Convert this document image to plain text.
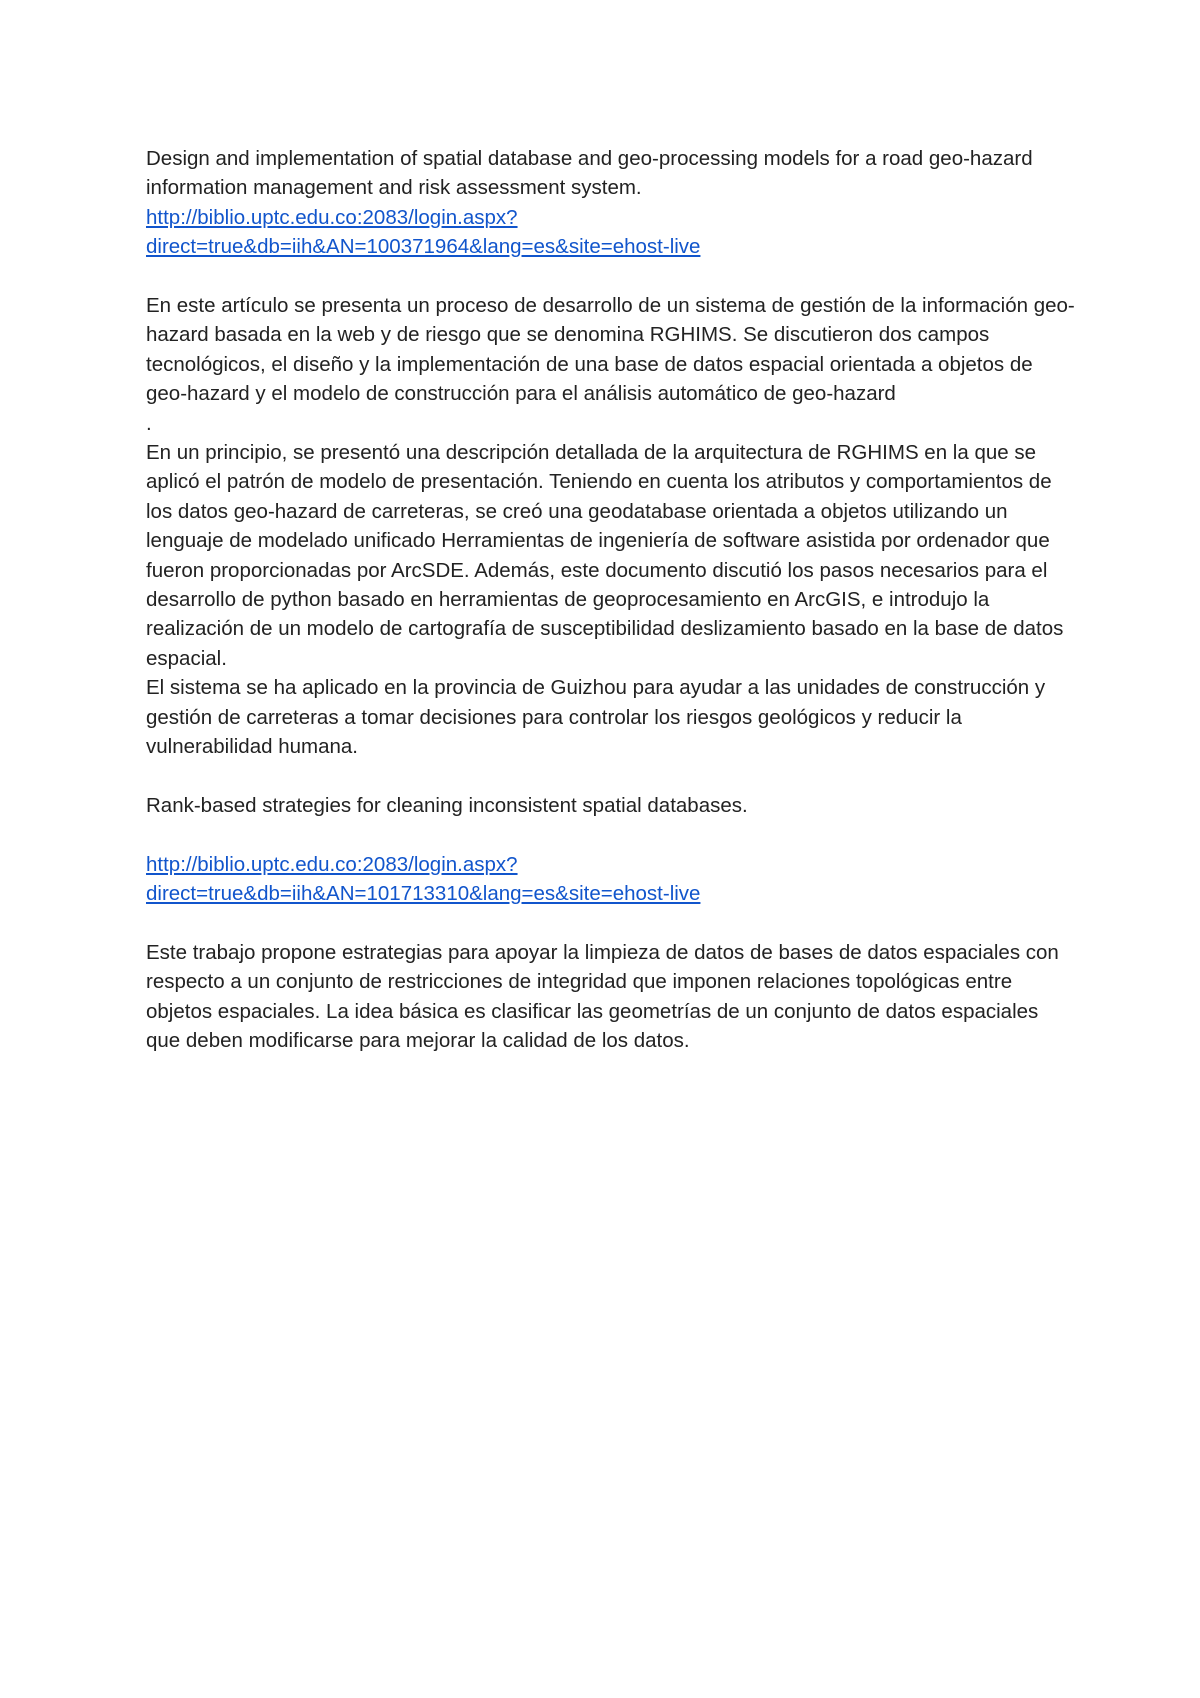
Design and implementation of spatial database and geo-processing models for a road geo-hazard information management and risk assessment system.

http://biblio.uptc.edu.co:2083/login.aspx?
direct=true&db=iih&AN=100371964&lang=es&site=ehost-live

En este artículo se presenta un proceso de desarrollo de un sistema de gestión de la información geo-hazard basada en la web y de riesgo que se denomina RGHIMS. Se discutieron dos campos tecnológicos, el diseño y la implementación de una base de datos espacial orientada a objetos de geo-hazard y el modelo de construcción para el análisis automático de geo-hazard

.

En un principio, se presentó una descripción detallada de la arquitectura de RGHIMS en la que se aplicó el patrón de modelo de presentación. Teniendo en cuenta los atributos y comportamientos de los datos geo-hazard de carreteras, se creó una geodatabase orientada a objetos utilizando un lenguaje de modelado unificado Herramientas de ingeniería de software asistida por ordenador que fueron proporcionadas por ArcSDE. Además, este documento discutió los pasos necesarios para el desarrollo de python basado en herramientas de geoprocesamiento en ArcGIS, e introdujo la realización de un modelo de cartografía de susceptibilidad deslizamiento basado en la base de datos espacial.

El sistema se ha aplicado en la provincia de Guizhou para ayudar a las unidades de construcción y gestión de carreteras a tomar decisiones para controlar los riesgos geológicos y reducir la vulnerabilidad humana.

Rank-based strategies for cleaning inconsistent spatial databases.

http://biblio.uptc.edu.co:2083/login.aspx?
direct=true&db=iih&AN=101713310&lang=es&site=ehost-live

Este trabajo propone estrategias para apoyar la limpieza de datos de bases de datos espaciales con respecto a un conjunto de restricciones de integridad que imponen relaciones topológicas entre objetos espaciales. La idea básica es clasificar las geometrías de un conjunto de datos espaciales que deben modificarse para mejorar la calidad de los datos.
